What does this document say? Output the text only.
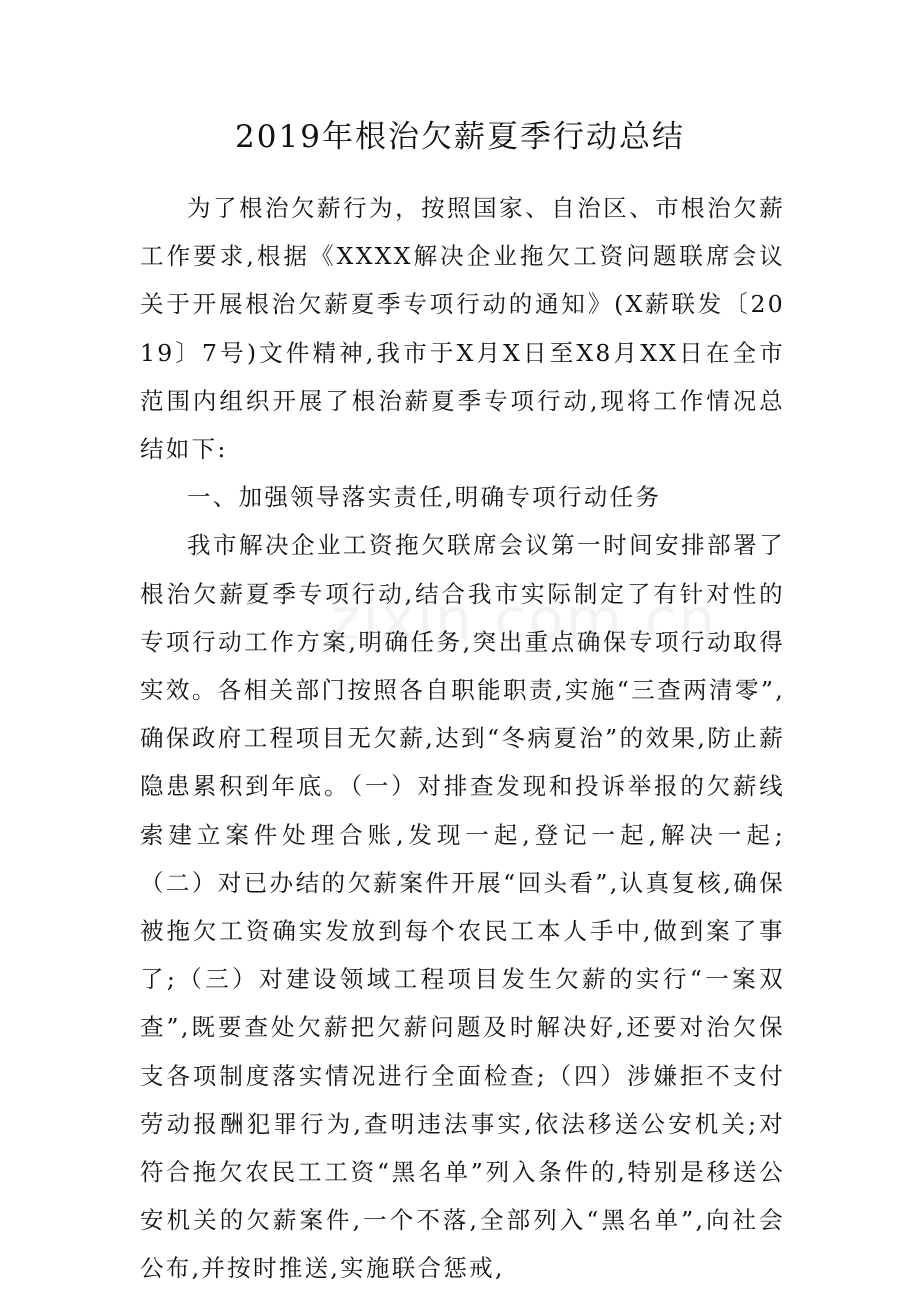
2019年根治欠薪夏季行动总结

为了根治欠薪行为，按照国家、自治区、市根治欠薪工作要求,根据《XXXX解决企业拖欠工资问题联席会议关于开展根治欠薪夏季专项行动的通知》(X薪联发〔2019〕7号)文件精神,我市于X月X日至X8月XX日在全市范围内组织开展了根治薪夏季专项行动,现将工作情况总结如下:

一、加强领导落实责任,明确专项行动任务

我市解决企业工资拖欠联席会议第一时间安排部署了根治欠薪夏季专项行动,结合我市实际制定了有针对性的专项行动工作方案,明确任务,突出重点确保专项行动取得实效。各相关部门按照各自职能职责,实施“三查两清零”,确保政府工程项目无欠薪,达到“冬病夏治”的效果,防止薪隐患累积到年底。（一）对排查发现和投诉举报的欠薪线索建立案件处理合账,发现一起,登记一起,解决一起;（二）对已办结的欠薪案件开展“回头看”,认真复核,确保被拖欠工资确实发放到每个农民工本人手中,做到案了事了;（三）对建设领域工程项目发生欠薪的实行“一案双查”,既要查处欠薪把欠薪问题及时解决好,还要对治欠保支各项制度落实情况进行全面检查;（四）涉嫌拒不支付劳动报酬犯罪行为,查明违法事实,依法移送公安机关;对符合拖欠农民工工资“黑名单”列入条件的,特别是移送公安机关的欠薪案件,一个不落,全部列入“黑名单”,向社会公布,并按时推送,实施联合惩戒,
